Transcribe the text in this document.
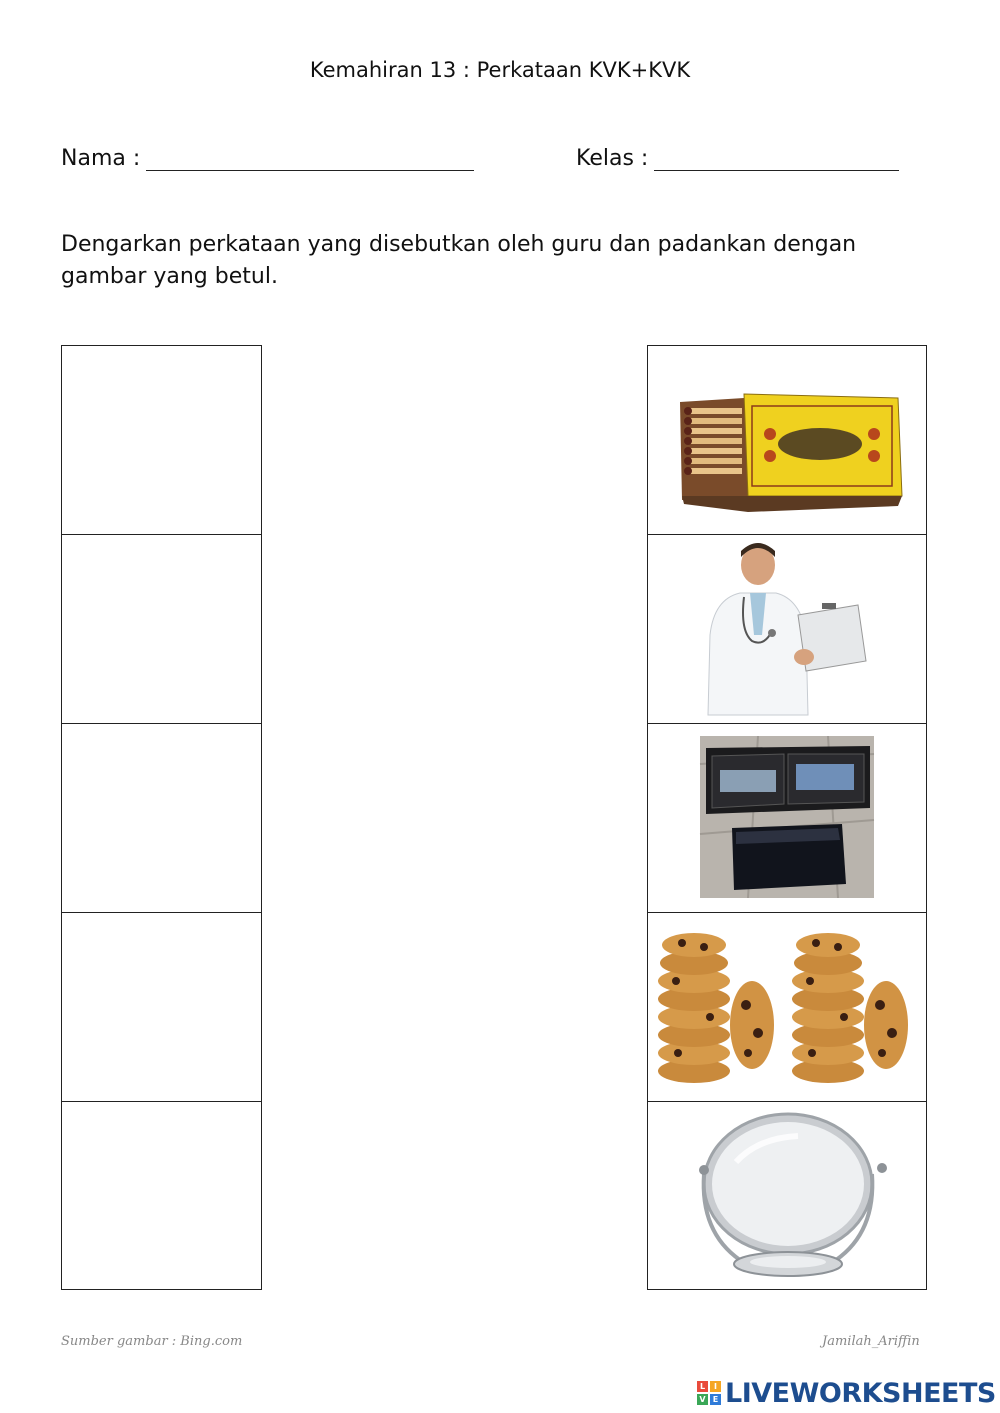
Kemahiran 13 : Perkataan KVK+KVK
Nama :	Kelas :
Dengarkan perkataan yang disebutkan oleh guru dan padankan dengan gambar yang betul.
Sumber gambar : Bing.com	Jamilah_Ariffin
L	I
V E LIVEWORKSHEETS
